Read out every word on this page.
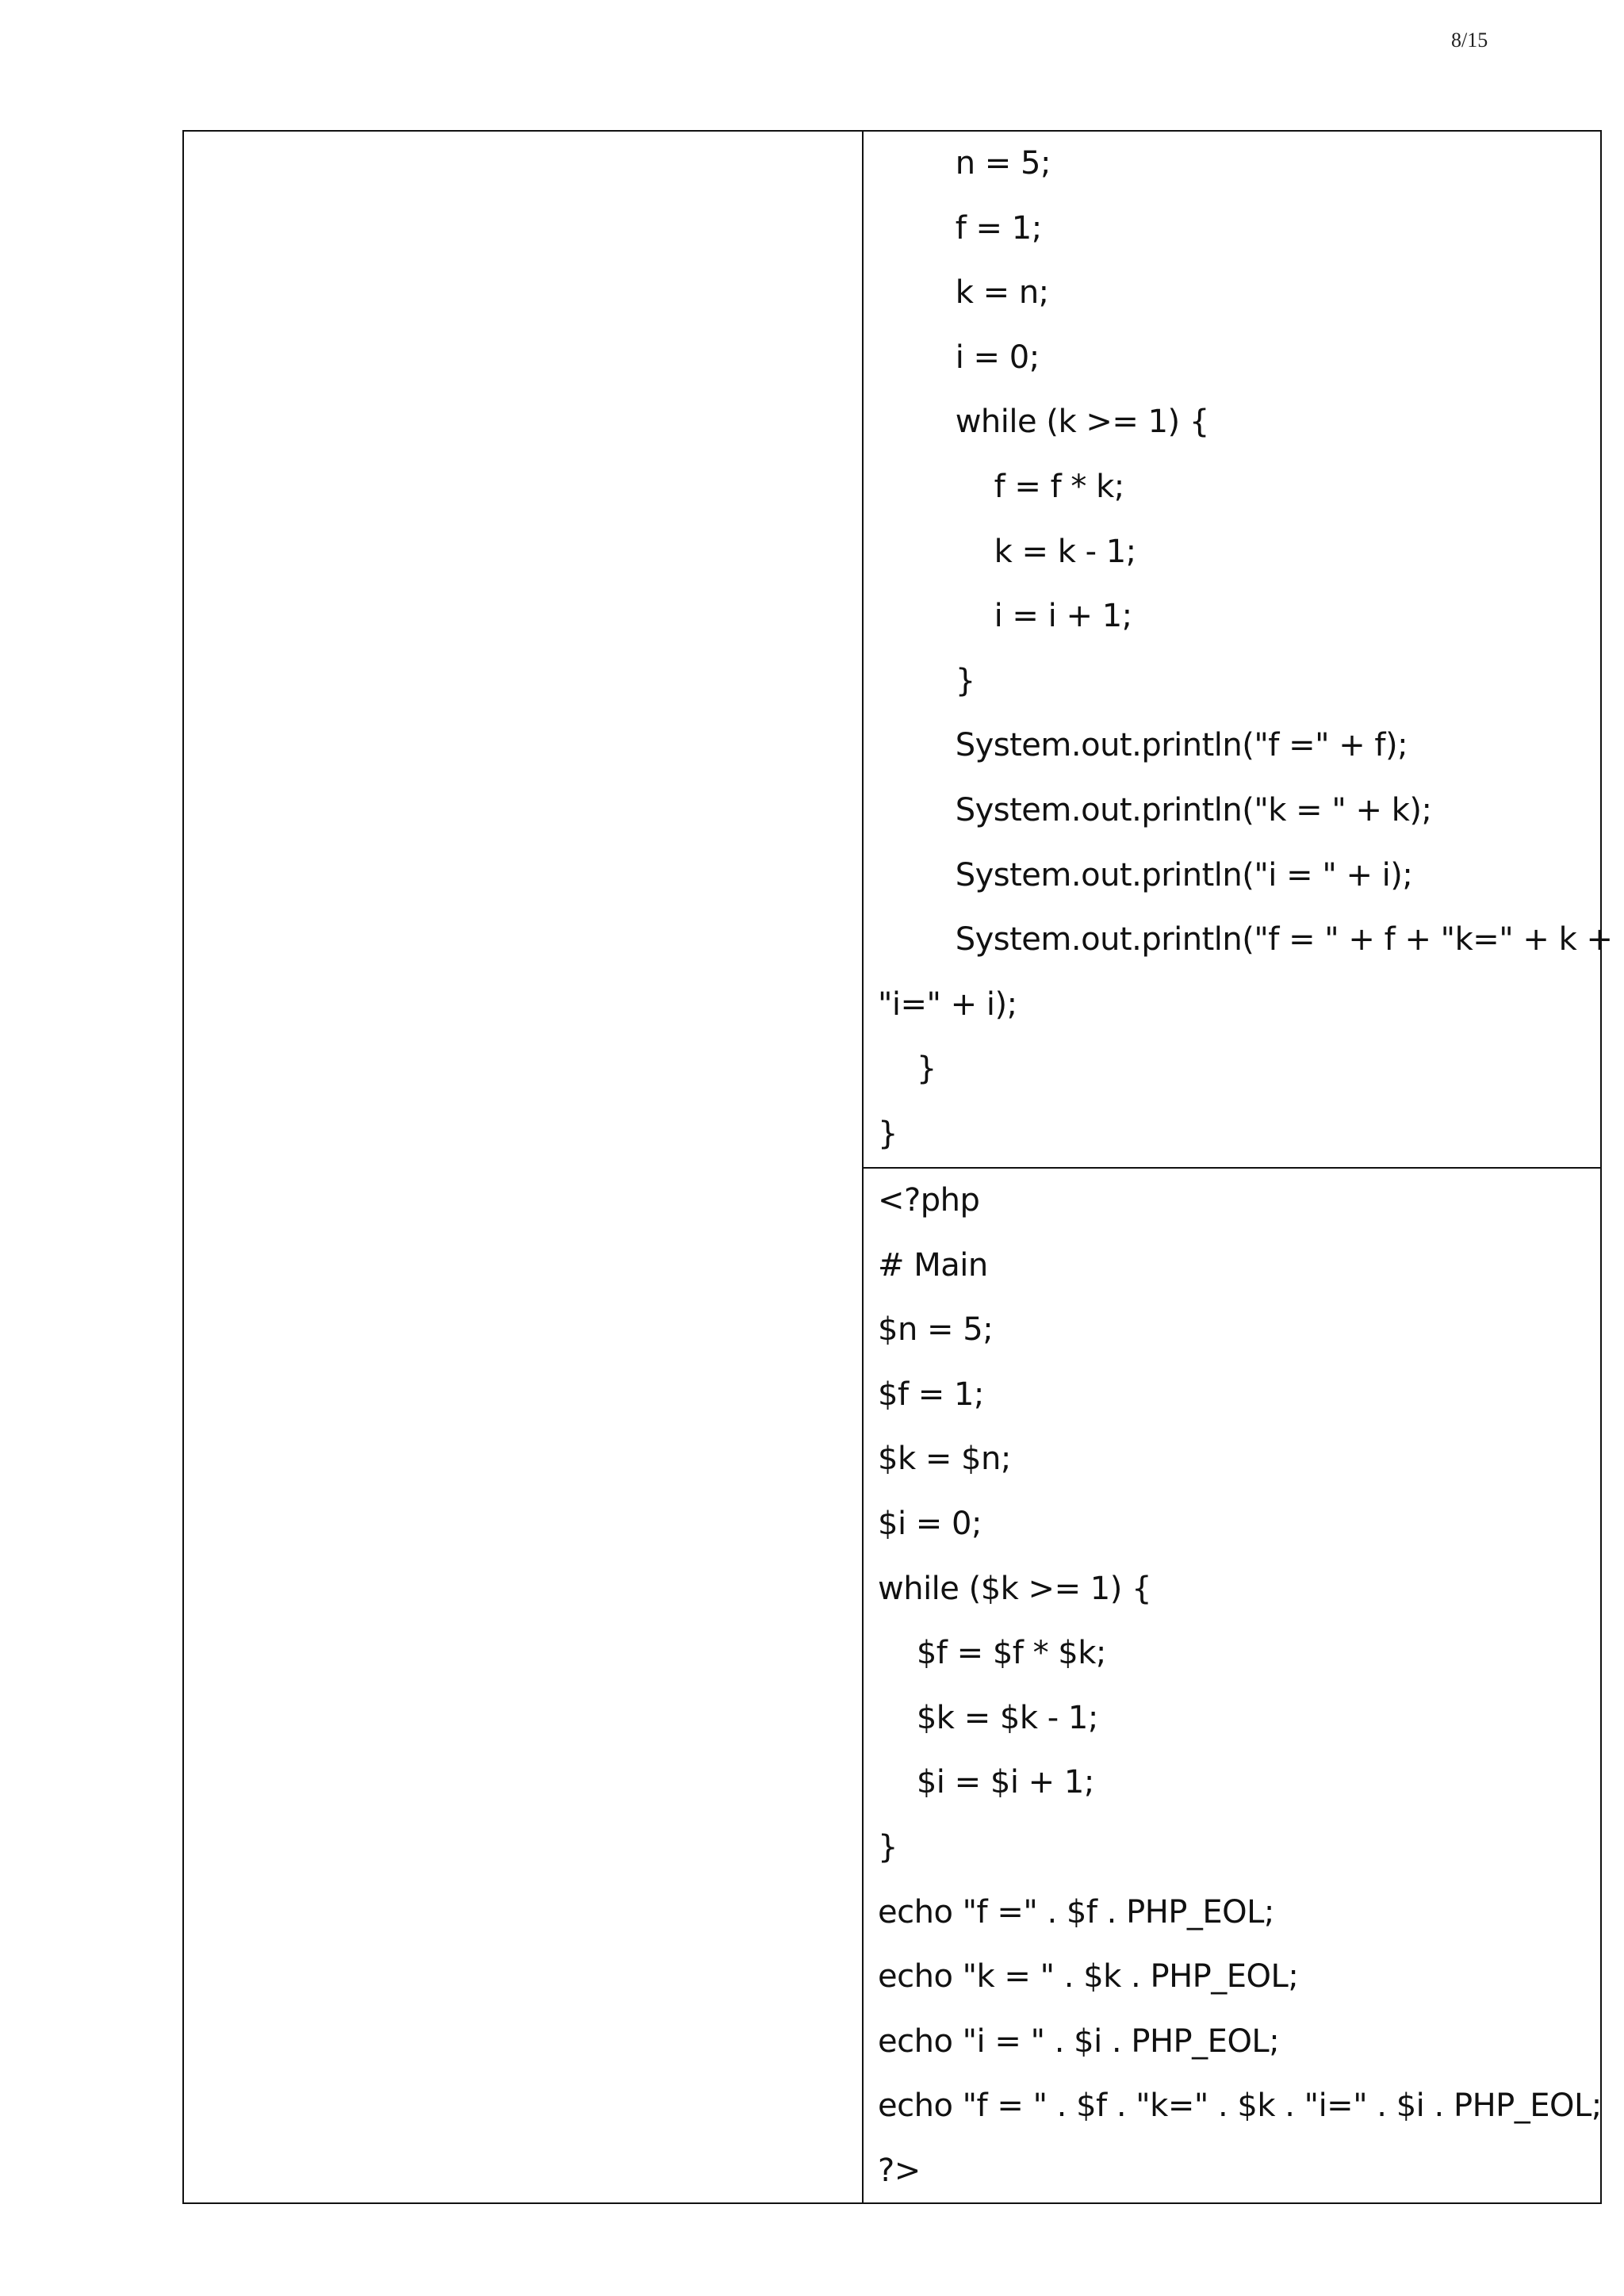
8/15
n = 5;
f = 1;
k = n;
i = 0;
while (k >= 1) {
f = f * k;
k = k - 1;
i = i + 1;
}
System.out.println("f =" + f);
System.out.println("k = " + k);
System.out.println("i = " + i);
System.out.println("f = " + f + "k=" + k +
"i=" + i);
}
}
<?php
# Main
$n = 5;
$f = 1;
$k = $n;
$i = 0;
while ($k >= 1) {
$f = $f * $k;
$k = $k - 1;
$i = $i + 1;
}
echo "f =" . $f . PHP_EOL;
echo "k = " . $k . PHP_EOL;
echo "i = " . $i . PHP_EOL;
echo "f = " . $f . "k=" . $k . "i=" . $i . PHP_EOL;
?>
